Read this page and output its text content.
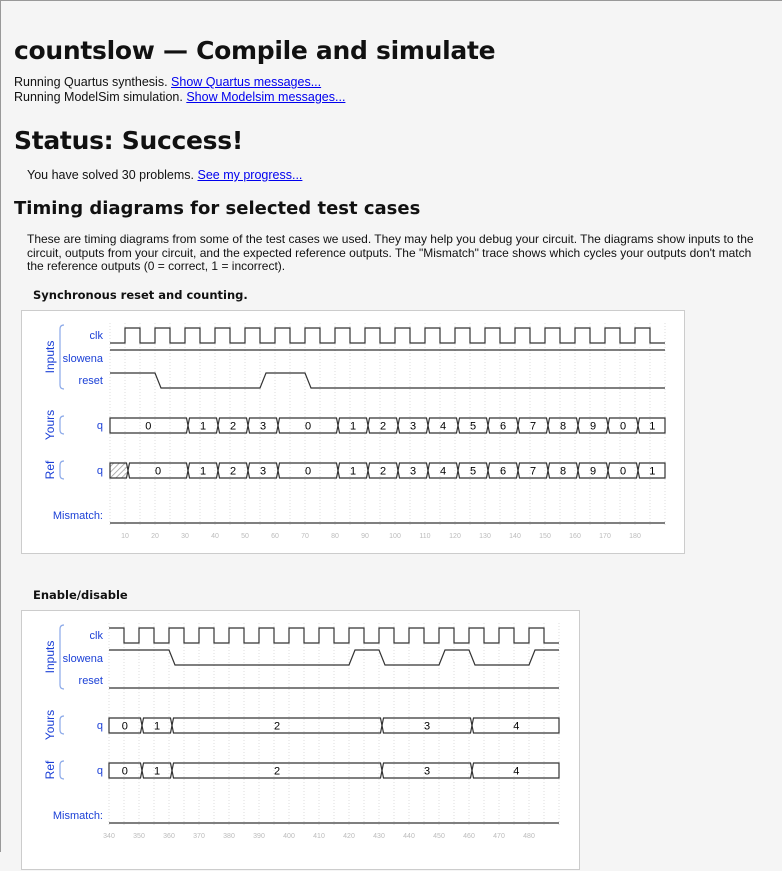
countslow — Compile and simulate
Running Quartus synthesis. Show Quartus messages...
Running ModelSim simulation. Show Modelsim messages...
Status: Success!
You have solved 30 problems. See my progress...
Timing diagrams for selected test cases
These are timing diagrams from some of the test cases we used. They may help you debug your circuit. The diagrams show inputs to the circuit, outputs from your circuit, and the expected reference outputs. The "Mismatch" trace shows which cycles your outputs don't match the reference outputs (0 = correct, 1 = incorrect).
Synchronous reset and counting.
10	20	30	40	50	60	70	80	90	100	110	120	130	140	150	160	170	180
Inputs
Yours
Ref
clk
slowena
reset
q
q
Mismatch:
0	1 2 3	0	1 2 3 4 5 6 7 8 9 0 1
0	1 2 3	0	1 2 3 4 5 6 7 8 9 0 1
Enable/disable
340	350	360	370	380	390	400	410	420	430	440	450	460	470	480
Inputs
Yours
Ref
clk
slowena
reset
q
q
Mismatch:
0 1	2	3	4
0 1	2	3	4
